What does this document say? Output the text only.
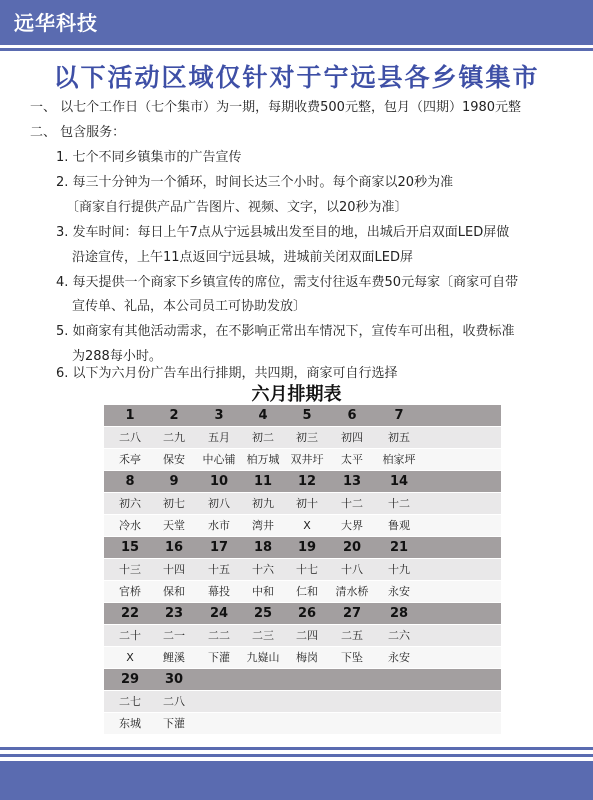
远华科技
以下活动区域仅针对于宁远县各乡镇集市
一、 以七个工作日（七个集市）为一期，每期收费500元整，包月（四期）1980元整
二、 包含服务：
1. 七个不同乡镇集市的广告宣传
2. 每三十分钟为一个循环，时间长达三个小时。每个商家以20秒为准
〔商家自行提供产品广告图片、视频、文字，以20秒为准〕
3. 发车时间：每日上午7点从宁远县城出发至目的地，出城后开启双面LED屏做
沿途宣传，上午11点返回宁远县城，进城前关闭双面LED屏
4. 每天提供一个商家下乡镇宣传的席位，需支付往返车费50元每家〔商家可自带
宣传单、礼品，本公司员工可协助发放〕
5. 如商家有其他活动需求，在不影响正常出车情况下，宣传车可出租，收费标准
为288每小时。
6. 以下为六月份广告车出行排期，共四期，商家可自行选择
六月排期表
1	2	3	4	5	6	7
二八	二九	五月	初二	初三	初四	初五
禾亭	保安	中心铺	柏万城	双井圩	太平	柏家坪
8	9	10	11	12	13	14
初六	初七	初八	初九	初十	十二	十二
冷水	天堂	水市	湾井	X	大界	鲁观
15	16	17	18	19	20	21
十三	十四	十五	十六	十七	十八	十九
官桥	保和	幕投	中和	仁和	清水桥	永安
22	23	24	25	26	27	28
二十	二一	二二	二三	二四	二五	二六
X	鲤溪	下灌	九嶷山	梅岗	下坠	永安
29	30
二七	二八
东城	下灌
